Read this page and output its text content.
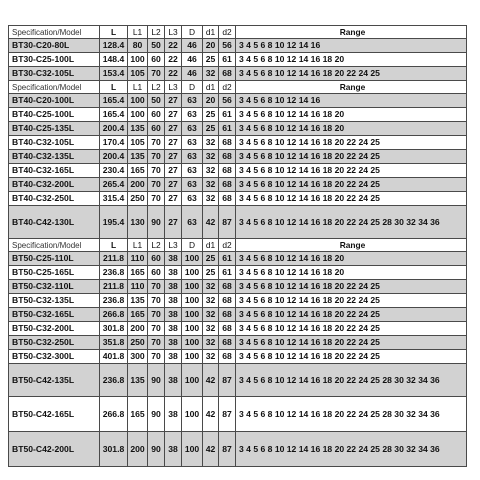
Specification/Model	L	L1	L2	L3	D	d1	d2	Range
BT30-C20-80L	128.4	80	50	22	46	20	56	3 4 5 6 8 10 12 14 16
BT30-C25-100L	148.4	100	60	22	46	25	61	3 4 5 6 8 10 12 14 16 18 20
BT30-C32-105L	153.4	105	70	22	46	32	68	3 4 5 6 8 10 12 14 16 18 20 22 24 25
Specification/Model	L	L1	L2	L3	D	d1	d2	Range
BT40-C20-100L	165.4	100	50	27	63	20	56	3 4 5 6 8 10 12 14 16
BT40-C25-100L	165.4	100	60	27	63	25	61	3 4 5 6 8 10 12 14 16 18 20
BT40-C25-135L	200.4	135	60	27	63	25	61	3 4 5 6 8 10 12 14 16 18 20
BT40-C32-105L	170.4	105	70	27	63	32	68	3 4 5 6 8 10 12 14 16 18 20 22 24 25
BT40-C32-135L	200.4	135	70	27	63	32	68	3 4 5 6 8 10 12 14 16 18 20 22 24 25
BT40-C32-165L	230.4	165	70	27	63	32	68	3 4 5 6 8 10 12 14 16 18 20 22 24 25
BT40-C32-200L	265.4	200	70	27	63	32	68	3 4 5 6 8 10 12 14 16 18 20 22 24 25
BT40-C32-250L	315.4	250	70	27	63	32	68	3 4 5 6 8 10 12 14 16 18 20 22 24 25
BT40-C42-130L	195.4	130	90	27	63	42	87	3 4 5 6 8 10 12 14 16 18 20 22 24 25 28 30 32 34 36
Specification/Model	L	L1	L2	L3	D	d1	d2	Range
BT50-C25-110L	211.8	110	60	38	100	25	61	3 4 5 6 8 10 12 14 16 18 20
BT50-C25-165L	236.8	165	60	38	100	25	61	3 4 5 6 8 10 12 14 16 18 20
BT50-C32-110L	211.8	110	70	38	100	32	68	3 4 5 6 8 10 12 14 16 18 20 22 24 25
BT50-C32-135L	236.8	135	70	38	100	32	68	3 4 5 6 8 10 12 14 16 18 20 22 24 25
BT50-C32-165L	266.8	165	70	38	100	32	68	3 4 5 6 8 10 12 14 16 18 20 22 24 25
BT50-C32-200L	301.8	200	70	38	100	32	68	3 4 5 6 8 10 12 14 16 18 20 22 24 25
BT50-C32-250L	351.8	250	70	38	100	32	68	3 4 5 6 8 10 12 14 16 18 20 22 24 25
BT50-C32-300L	401.8	300	70	38	100	32	68	3 4 5 6 8 10 12 14 16 18 20 22 24 25
BT50-C42-135L	236.8	135	90	38	100	42	87	3 4 5 6 8 10 12 14 16 18 20 22 24 25 28 30 32 34 36
BT50-C42-165L	266.8	165	90	38	100	42	87	3 4 5 6 8 10 12 14 16 18 20 22 24 25 28 30 32 34 36
BT50-C42-200L	301.8	200	90	38	100	42	87	3 4 5 6 8 10 12 14 16 18 20 22 24 25 28 30 32 34 36
